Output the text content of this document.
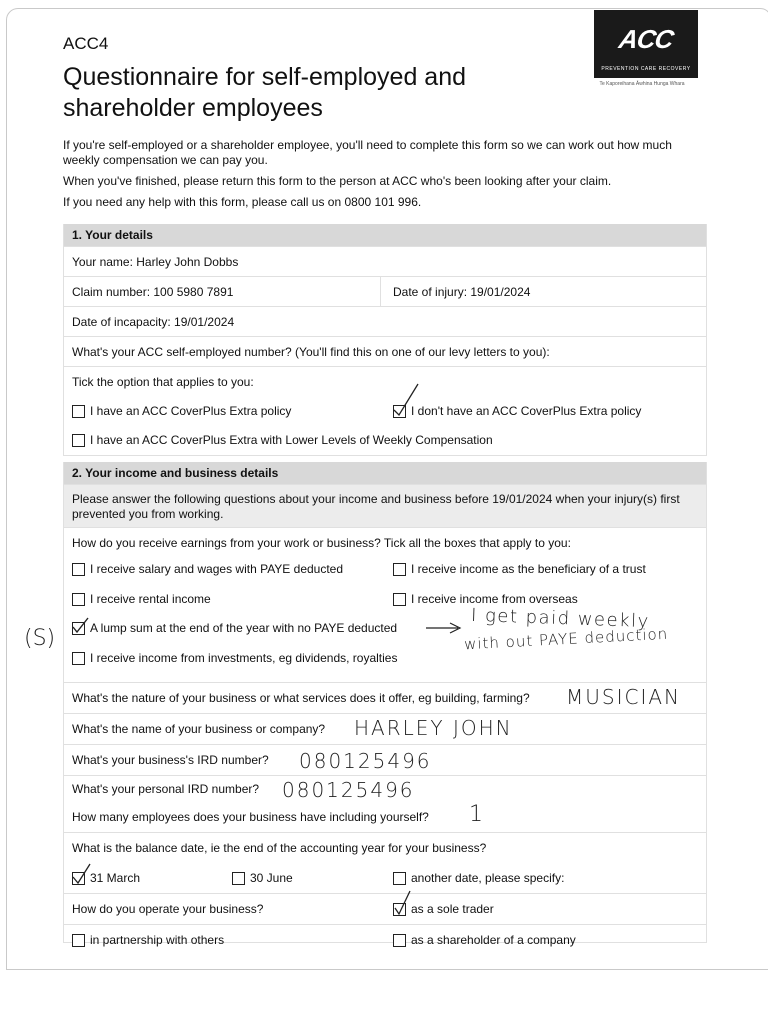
ACC4
Questionnaire for self-employed and shareholder employees
ACC
PREVENTION CARE RECOVERY
Te Kaporeihana Āwhina Hunga Whara
If you're self-employed or a shareholder employee, you'll need to complete this form so we can work out how much weekly compensation we can pay you.
When you've finished, please return this form to the person at ACC who's been looking after your claim.
If you need any help with this form, please call us on 0800 101 996.
1. Your details
Your name: Harley John Dobbs
Claim number: 100 5980 7891	Date of injury: 19/01/2024
Date of incapacity: 19/01/2024
What's your ACC self-employed number? (You'll find this on one of our levy letters to you):
Tick the option that applies to you:
I have an ACC CoverPlus Extra policy	I don't have an ACC CoverPlus Extra policy
I have an ACC CoverPlus Extra with Lower Levels of Weekly Compensation
2. Your income and business details
Please answer the following questions about your income and business before 19/01/2024 when your injury(s) first prevented you from working.
How do you receive earnings from your work or business? Tick all the boxes that apply to you:
I receive salary and wages with PAYE deducted	I receive income as the beneficiary of a trust
I receive rental income	I receive income from overseas
A lump sum at the end of the year with no PAYE deducted
I receive income from investments, eg dividends, royalties
I get paid weekly
with out PAYE deduction
What's the nature of your business or what services does it offer, eg building, farming? MUSICIAN
What's the name of your business or company? HARLEY JOHN
What's your business's IRD number? 080125496
What's your personal IRD number? 080125496
How many employees does your business have including yourself? 1
What is the balance date, ie the end of the accounting year for your business?
31 March	30 June	another date, please specify:
How do you operate your business?	as a sole trader
in partnership with others	as a shareholder of a company
(S)
